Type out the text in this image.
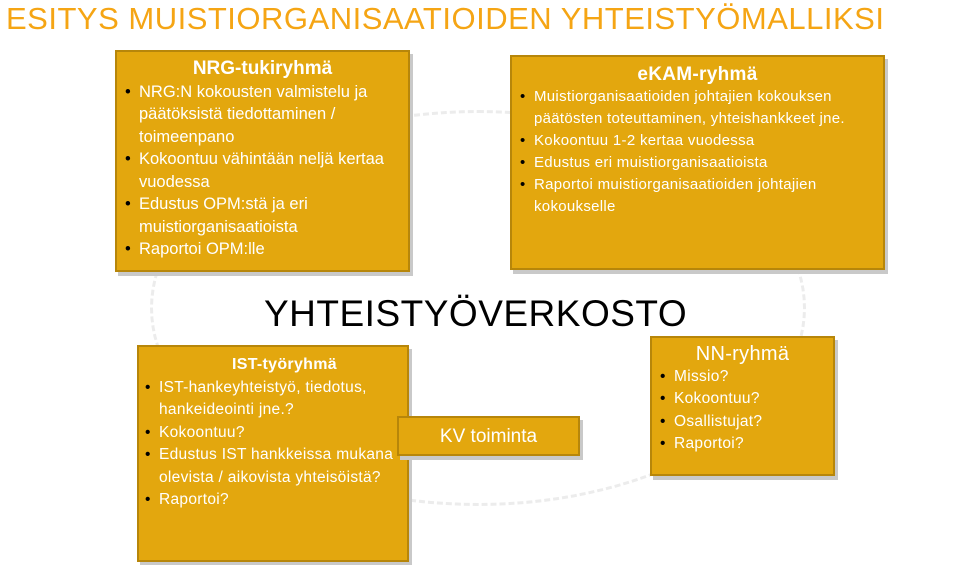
ESITYS MUISTIORGANISAATIOIDEN YHTEISTYÖMALLIKSI
NRG-tukiryhmä
• NRG:N kokousten valmistelu ja päätöksistä tiedottaminen / toimeenpano
• Kokoontuu vähintään neljä kertaa vuodessa
• Edustus OPM:stä ja eri muistiorganisaatioista
• Raportoi OPM:lle
eKAM-ryhmä
• Muistiorganisaatioiden johtajien kokouksen päätösten toteuttaminen, yhteishankkeet jne.
• Kokoontuu 1-2 kertaa vuodessa
• Edustus eri muistiorganisaatioista
• Raportoi muistiorganisaatioiden johtajien kokoukselle
YHTEISTYÖVERKOSTO
IST-työryhmä
• IST-hankeyhteistyö, tiedotus, hankeideointi jne.?
• Kokoontuu?
• Edustus IST hankkeissa mukana olevista / aikovista yhteisöistä?
• Raportoi?
KV toiminta
NN-ryhmä
• Missio?
• Kokoontuu?
• Osallistujat?
• Raportoi?
